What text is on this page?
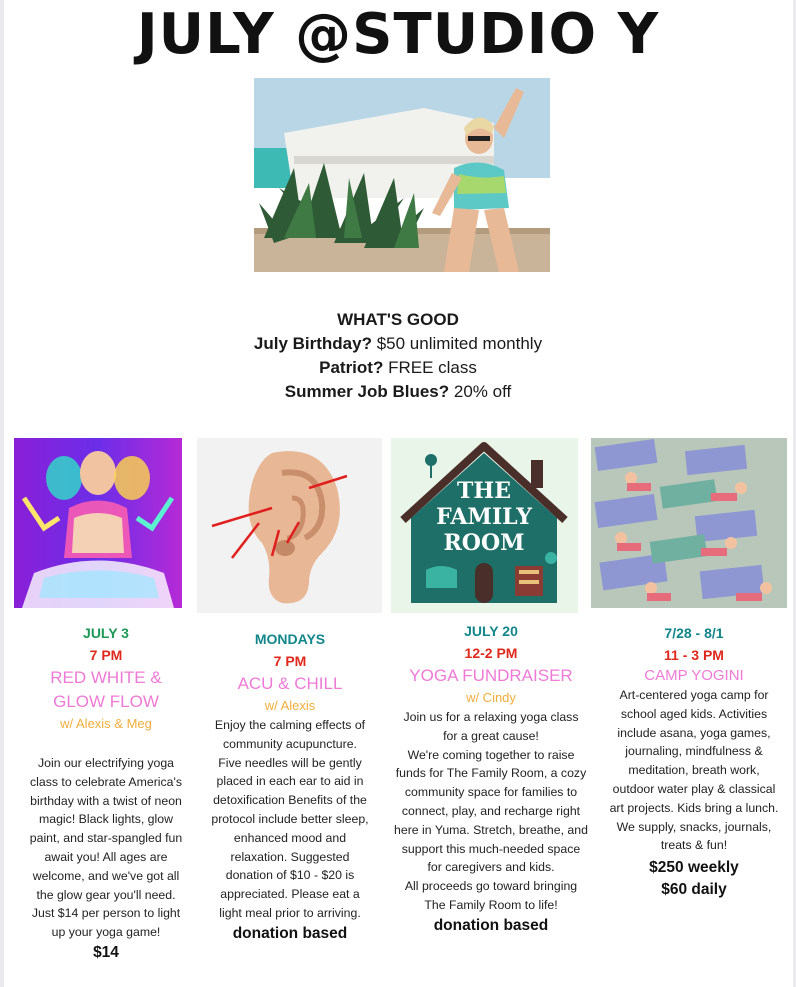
JULY @STUDIO Y
WHAT'S GOOD
July Birthday? $50 unlimited monthly
Patriot? FREE class
Summer Job Blues? 20% off
THE
FAMILY
ROOM
JULY 3
7 PM
RED WHITE &
GLOW FLOW
w/ Alexis & Meg
Join our electrifying yoga class to celebrate America's birthday with a twist of neon magic! Black lights, glow paint, and star-spangled fun await you! All ages are welcome, and we've got all the glow gear you'll need. Just $14 per person to light up your yoga game!
$14
MONDAYS
7 PM
ACU & CHILL
w/ Alexis
Enjoy the calming effects of community acupuncture. Five needles will be gently placed in each ear to aid in detoxification Benefits of the protocol include better sleep, enhanced mood and relaxation. Suggested donation of $10 - $20 is appreciated. Please eat a light meal prior to arriving.
donation based
JULY 20
12-2 PM
YOGA FUNDRAISER
w/ Cindy
Join us for a relaxing yoga class for a great cause!
We're coming together to raise funds for The Family Room, a cozy community space for families to connect, play, and recharge right here in Yuma. Stretch, breathe, and support this much-needed space for caregivers and kids.
All proceeds go toward bringing The Family Room to life!
donation based
7/28 - 8/1
11 - 3 PM
CAMP YOGINI
Art-centered yoga camp for school aged kids. Activities include asana, yoga games, journaling, mindfulness & meditation, breath work, outdoor water play & classical art projects. Kids bring a lunch. We supply, snacks, journals, treats & fun!
$250 weekly
$60 daily
